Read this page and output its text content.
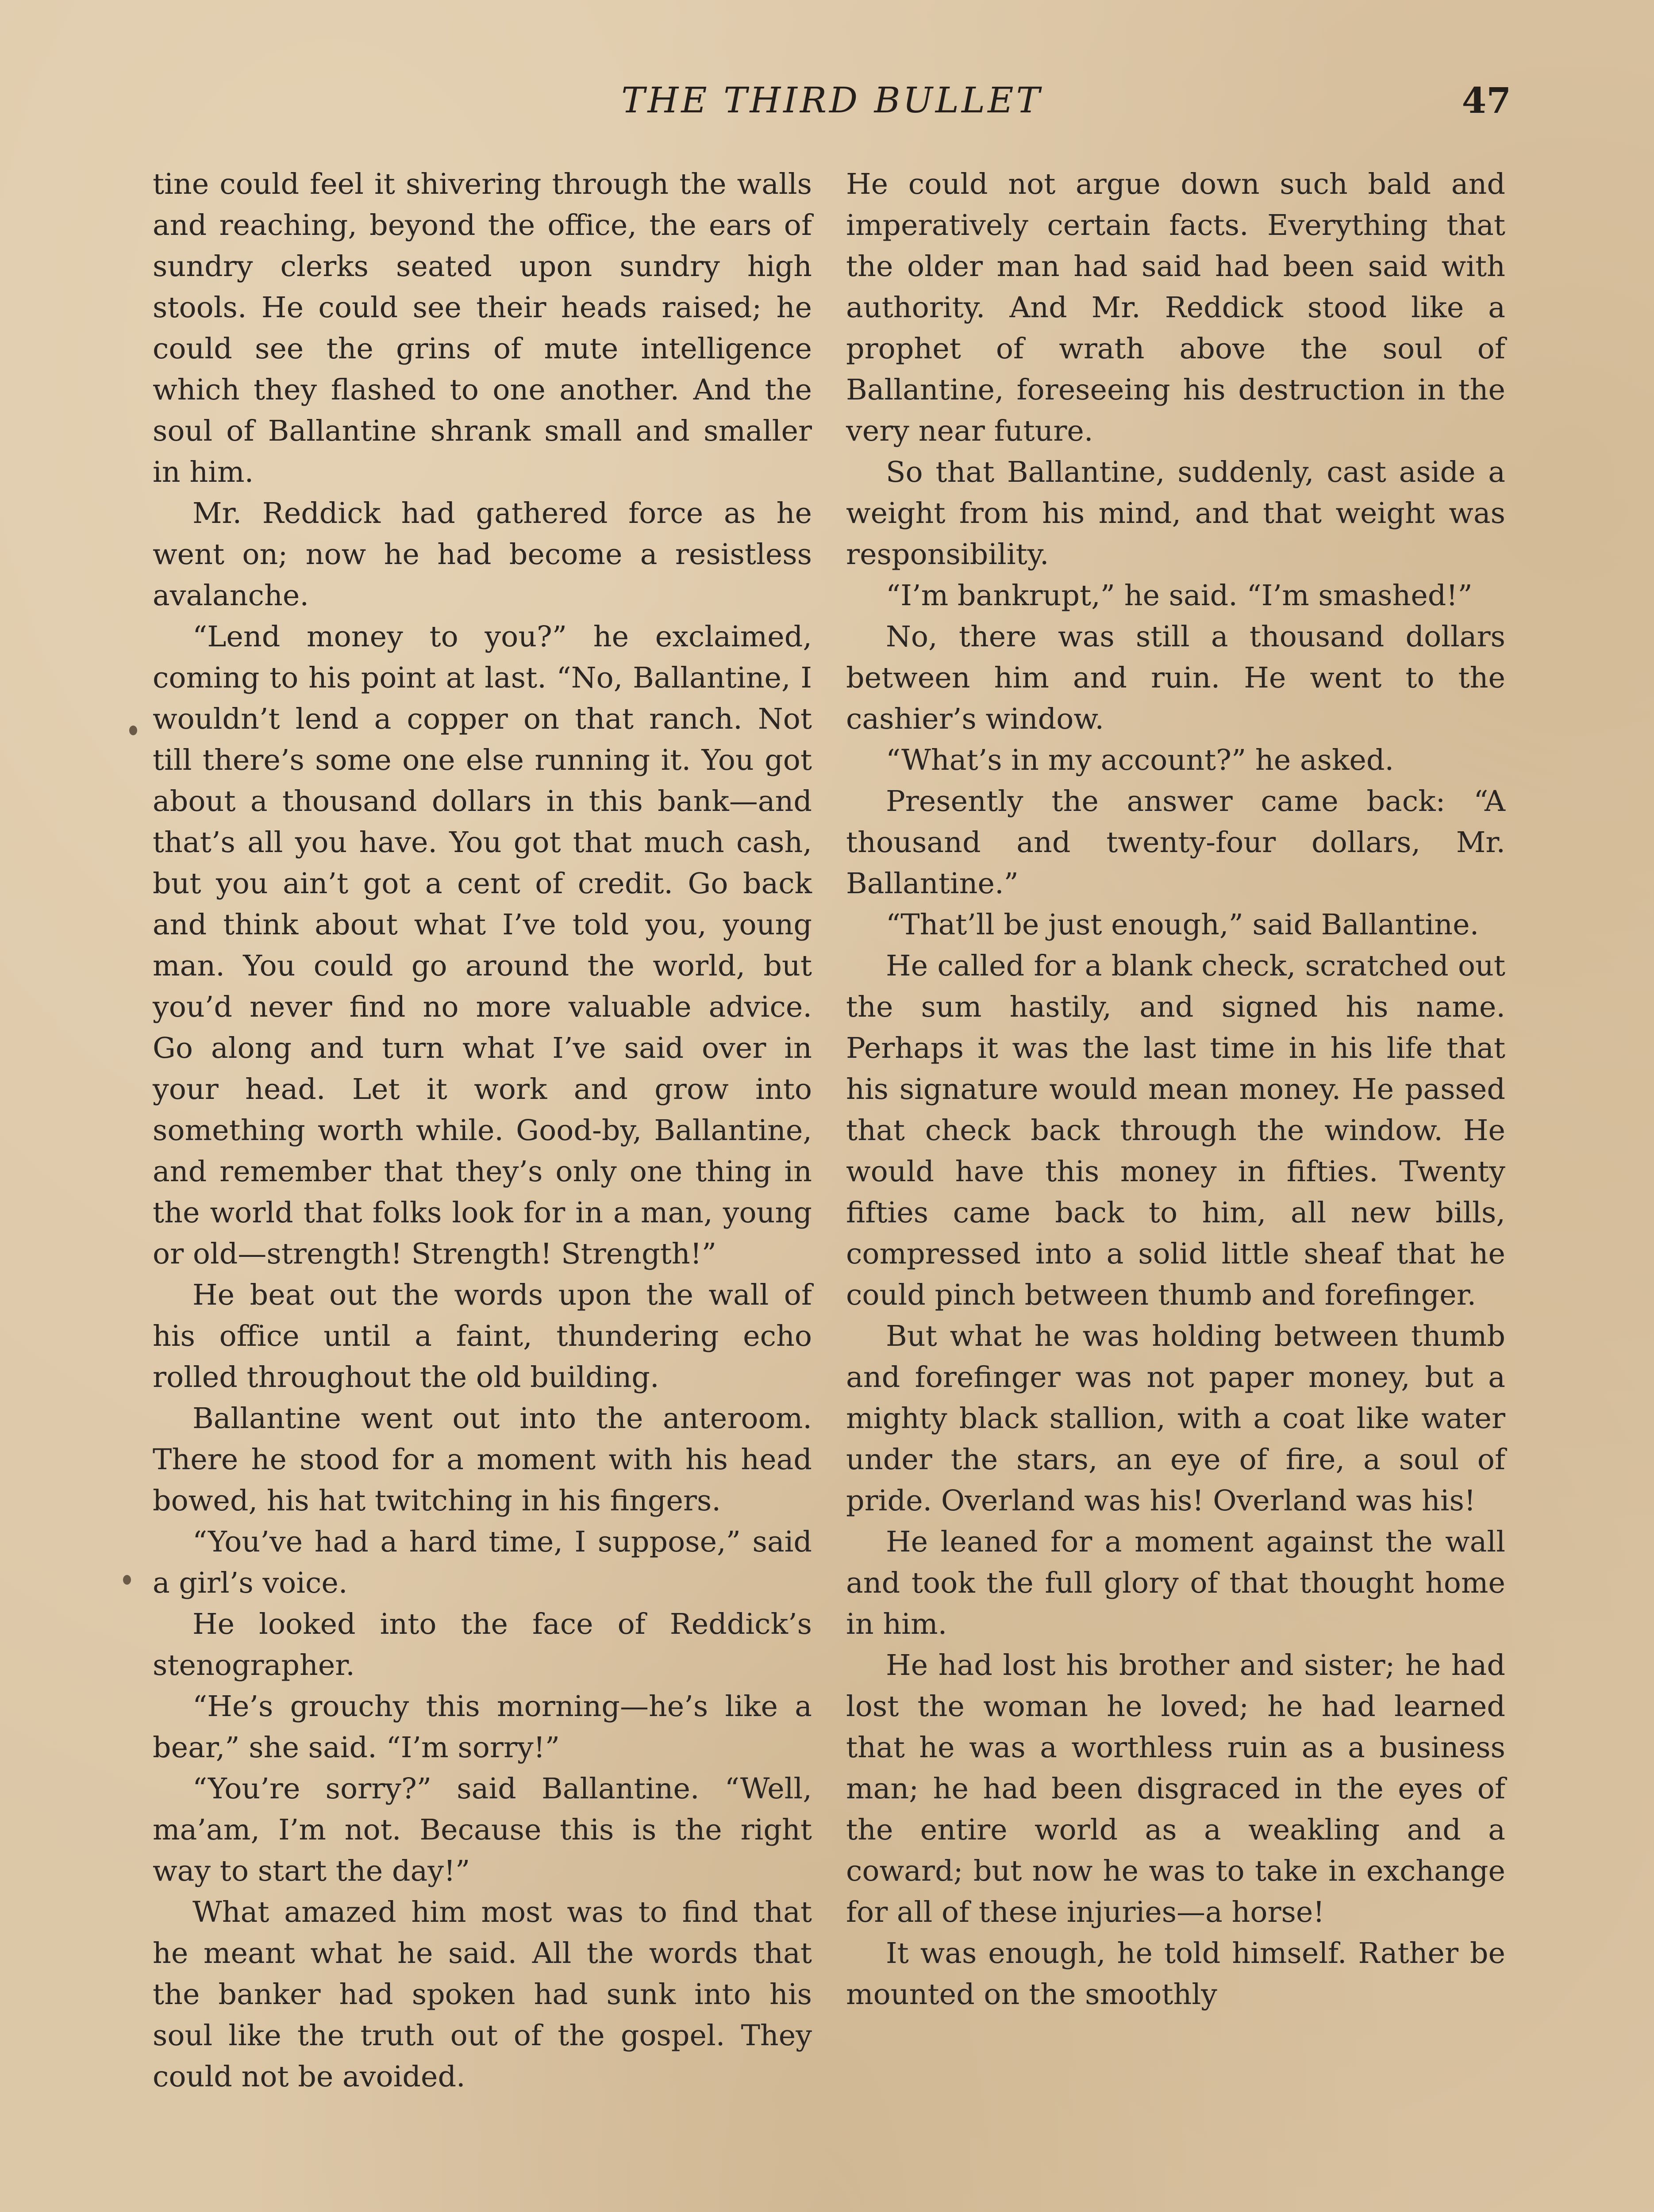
THE THIRD BULLET	47

tine could feel it shivering through the walls and reaching, beyond the office, the ears of sundry clerks seated upon sundry high stools. He could see their heads raised; he could see the grins of mute intelligence which they flashed to one another. And the soul of Ballantine shrank small and smaller in him.

Mr. Reddick had gathered force as he went on; now he had become a resistless avalanche.

“Lend money to you?” he exclaimed, coming to his point at last. “No, Ballantine, I wouldn’t lend a copper on that ranch. Not till there’s some one else running it. You got about a thousand dollars in this bank—and that’s all you have. You got that much cash, but you ain’t got a cent of credit. Go back and think about what I’ve told you, young man. You could go around the world, but you’d never find no more valuable advice. Go along and turn what I’ve said over in your head. Let it work and grow into something worth while. Good-by, Ballantine, and remember that they’s only one thing in the world that folks look for in a man, young or old—strength! Strength! Strength!”

He beat out the words upon the wall of his office until a faint, thundering echo rolled throughout the old building.

Ballantine went out into the anteroom. There he stood for a moment with his head bowed, his hat twitching in his fingers.

“You’ve had a hard time, I suppose,” said a girl’s voice.

He looked into the face of Reddick’s stenographer.

“He’s grouchy this morning—he’s like a bear,” she said. “I’m sorry!”

“You’re sorry?” said Ballantine. “Well, ma’am, I’m not. Because this is the right way to start the day!”

What amazed him most was to find that he meant what he said. All the words that the banker had spoken had sunk into his soul like the truth out of the gospel. They could not be avoided.

He could not argue down such bald and imperatively certain facts. Everything that the older man had said had been said with authority. And Mr. Reddick stood like a prophet of wrath above the soul of Ballantine, foreseeing his destruction in the very near future.

So that Ballantine, suddenly, cast aside a weight from his mind, and that weight was responsibility.

“I’m bankrupt,” he said. “I’m smashed!”

No, there was still a thousand dollars between him and ruin. He went to the cashier’s window.

“What’s in my account?” he asked.

Presently the answer came back: “A thousand and twenty-four dollars, Mr. Ballantine.”

“That’ll be just enough,” said Ballantine.

He called for a blank check, scratched out the sum hastily, and signed his name. Perhaps it was the last time in his life that his signature would mean money. He passed that check back through the window. He would have this money in fifties. Twenty fifties came back to him, all new bills, compressed into a solid little sheaf that he could pinch between thumb and forefinger.

But what he was holding between thumb and forefinger was not paper money, but a mighty black stallion, with a coat like water under the stars, an eye of fire, a soul of pride. Overland was his! Overland was his!

He leaned for a moment against the wall and took the full glory of that thought home in him.

He had lost his brother and sister; he had lost the woman he loved; he had learned that he was a worthless ruin as a business man; he had been disgraced in the eyes of the entire world as a weakling and a coward; but now he was to take in exchange for all of these injuries—a horse!

It was enough, he told himself. Rather be mounted on the smoothly
